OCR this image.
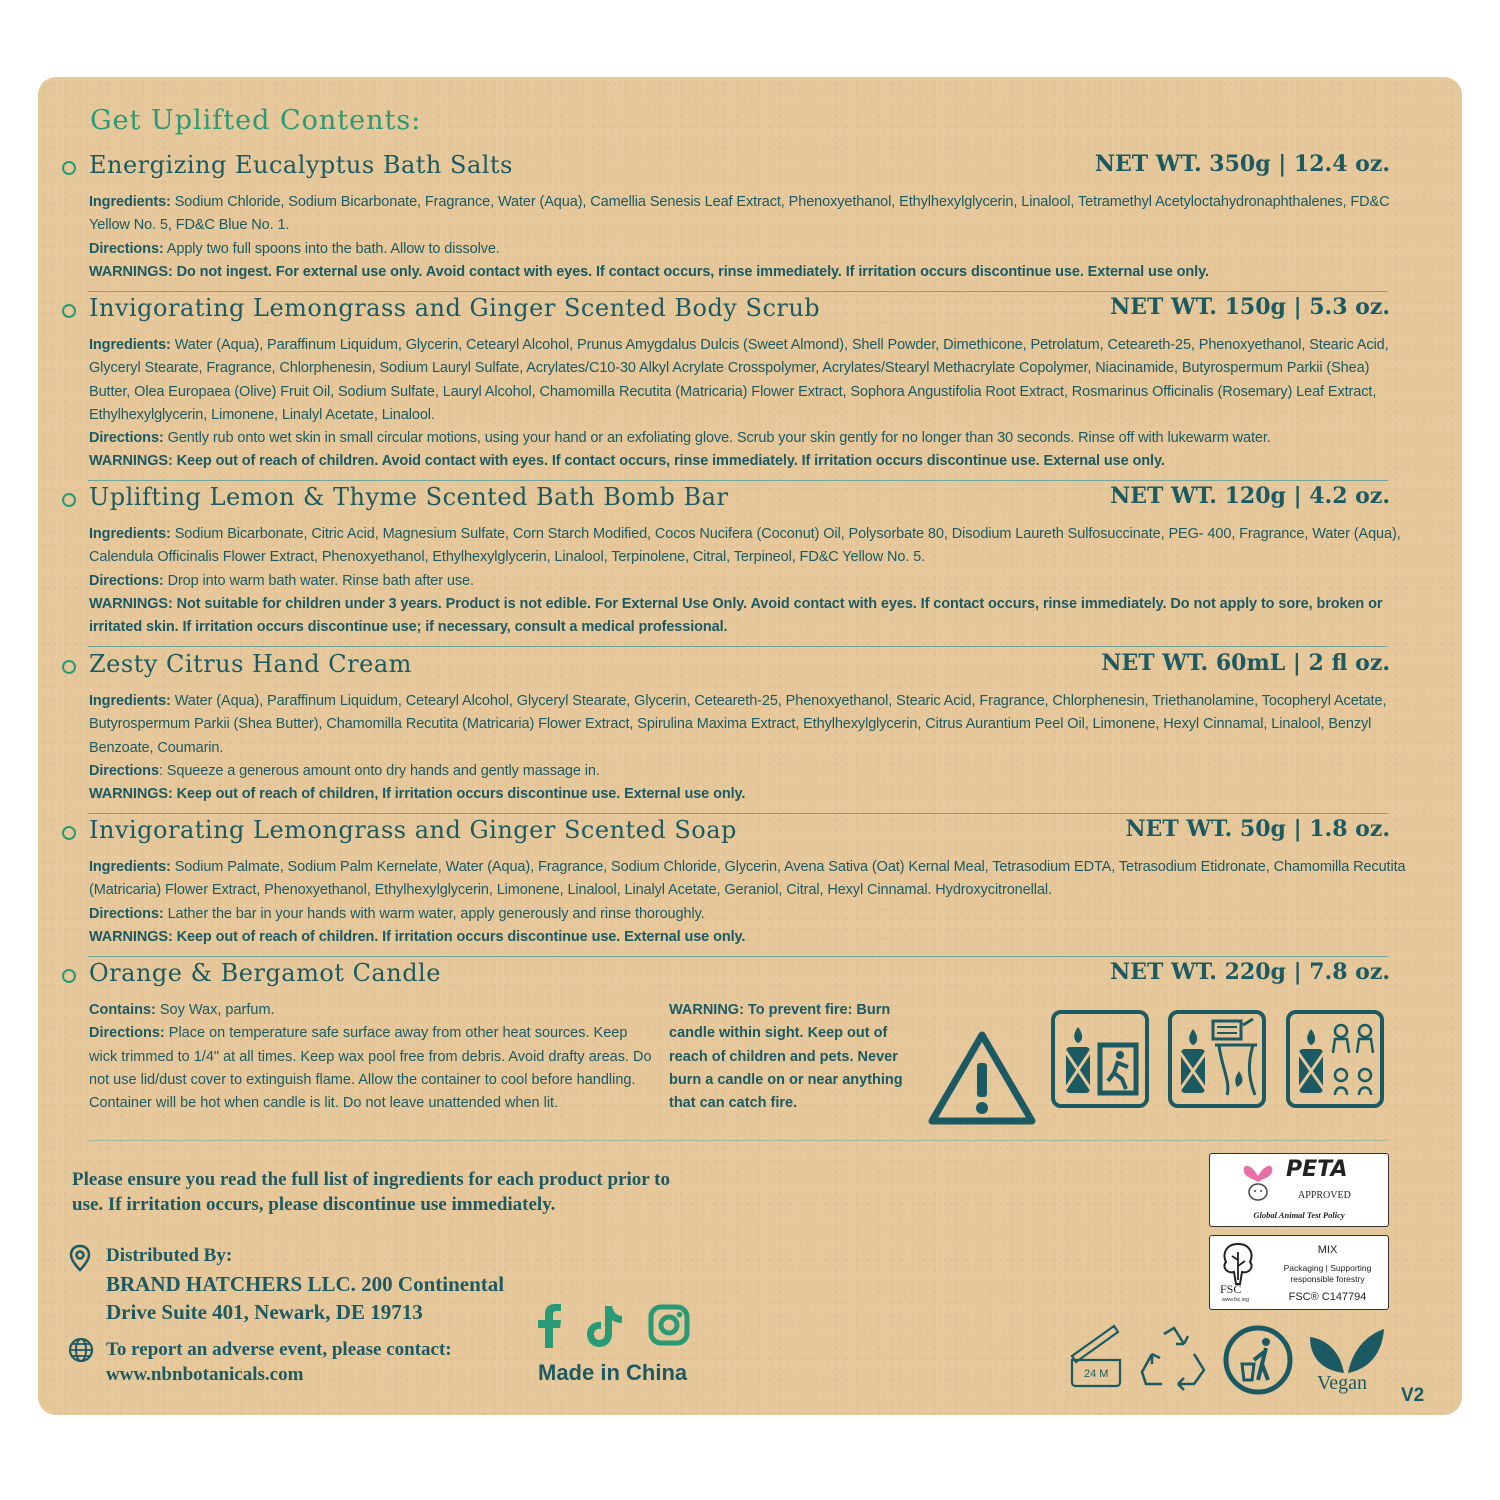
Get Uplifted Contents:
Energizing Eucalyptus Bath Salts	NET WT. 350g | 12.4 oz.

Ingredients: Sodium Chloride, Sodium Bicarbonate, Fragrance, Water (Aqua), Camellia Senesis Leaf Extract, Phenoxyethanol, Ethylhexylglycerin, Linalool, Tetramethyl Acetyloctahydronaphthalenes, FD&C Yellow No. 5, FD&C Blue No. 1.

Directions: Apply two full spoons into the bath. Allow to dissolve.

WARNINGS: Do not ingest. For external use only. Avoid contact with eyes. If contact occurs, rinse immediately. If irritation occurs discontinue use. External use only.

Invigorating Lemongrass and Ginger Scented Body Scrub	NET WT. 150g | 5.3 oz.

Ingredients: Water (Aqua), Paraffinum Liquidum, Glycerin, Cetearyl Alcohol, Prunus Amygdalus Dulcis (Sweet Almond), Shell Powder, Dimethicone, Petrolatum, Ceteareth-25, Phenoxyethanol, Stearic Acid, Glyceryl Stearate, Fragrance, Chlorphenesin, Sodium Lauryl Sulfate, Acrylates/C10-30 Alkyl Acrylate Crosspolymer, Acrylates/Stearyl Methacrylate Copolymer, Niacinamide, Butyrospermum Parkii (Shea) Butter, Olea Europaea (Olive) Fruit Oil, Sodium Sulfate, Lauryl Alcohol, Chamomilla Recutita (Matricaria) Flower Extract, Sophora Angustifolia Root Extract, Rosmarinus Officinalis (Rosemary) Leaf Extract, Ethylhexylglycerin, Limonene, Linalyl Acetate, Linalool.

Directions: Gently rub onto wet skin in small circular motions, using your hand or an exfoliating glove. Scrub your skin gently for no longer than 30 seconds. Rinse off with lukewarm water.

WARNINGS: Keep out of reach of children. Avoid contact with eyes. If contact occurs, rinse immediately. If irritation occurs discontinue use. External use only.

Uplifting Lemon & Thyme Scented Bath Bomb Bar	NET WT. 120g | 4.2 oz.

Ingredients: Sodium Bicarbonate, Citric Acid, Magnesium Sulfate, Corn Starch Modified, Cocos Nucifera (Coconut) Oil, Polysorbate 80, Disodium Laureth Sulfosuccinate, PEG- 400, Fragrance, Water (Aqua), Calendula Officinalis Flower Extract, Phenoxyethanol, Ethylhexylglycerin, Linalool, Terpinolene, Citral, Terpineol, FD&C Yellow No. 5.

Directions: Drop into warm bath water. Rinse bath after use.

WARNINGS: Not suitable for children under 3 years. Product is not edible. For External Use Only. Avoid contact with eyes. If contact occurs, rinse immediately. Do not apply to sore, broken or irritated skin. If irritation occurs discontinue use; if necessary, consult a medical professional.

Zesty Citrus Hand Cream	NET WT. 60mL | 2 fl oz.

Ingredients: Water (Aqua), Paraffinum Liquidum, Cetearyl Alcohol, Glyceryl Stearate, Glycerin, Ceteareth-25, Phenoxyethanol, Stearic Acid, Fragrance, Chlorphenesin, Triethanolamine, Tocopheryl Acetate, Butyrospermum Parkii (Shea Butter), Chamomilla Recutita (Matricaria) Flower Extract, Spirulina Maxima Extract, Ethylhexylglycerin, Citrus Aurantium Peel Oil, Limonene, Hexyl Cinnamal, Linalool, Benzyl Benzoate, Coumarin.

Directions: Squeeze a generous amount onto dry hands and gently massage in.

WARNINGS: Keep out of reach of children, If irritation occurs discontinue use. External use only.

Invigorating Lemongrass and Ginger Scented Soap	NET WT. 50g | 1.8 oz.

Ingredients: Sodium Palmate, Sodium Palm Kernelate, Water (Aqua), Fragrance, Sodium Chloride, Glycerin, Avena Sativa (Oat) Kernal Meal, Tetrasodium EDTA, Tetrasodium Etidronate, Chamomilla Recutita (Matricaria) Flower Extract, Phenoxyethanol, Ethylhexylglycerin, Limonene, Linalool, Linalyl Acetate, Geraniol, Citral, Hexyl Cinnamal. Hydroxycitronellal.

Directions: Lather the bar in your hands with warm water, apply generously and rinse thoroughly.

WARNINGS: Keep out of reach of children. If irritation occurs discontinue use. External use only.

Orange & Bergamot Candle	NET WT. 220g | 7.8 oz.

Contains: Soy Wax, parfum.

Directions: Place on temperature safe surface away from other heat sources. Keep wick trimmed to 1/4" at all times. Keep wax pool free from debris. Avoid drafty areas. Do not use lid/dust cover to extinguish flame. Allow the container to cool before handling. Container will be hot when candle is lit. Do not leave unattended when lit.

WARNING: To prevent fire: Burn candle within sight. Keep out of reach of children and pets. Never burn a candle on or near anything that can catch fire.
Please ensure you read the full list of ingredients for each product prior to use. If irritation occurs, please discontinue use immediately.
Distributed By:
BRAND HATCHERS LLC. 200 Continental
Drive Suite 401, Newark, DE 19713
To report an adverse event, please contact:
www.nbnbotanicals.com	Made in China
PETA
APPROVED
Global Animal Test Policy
FSC
www.fsc.org
MIX
Packaging | Supporting
responsible forestry
FSC® C147794
24 M	Vegan
V2
